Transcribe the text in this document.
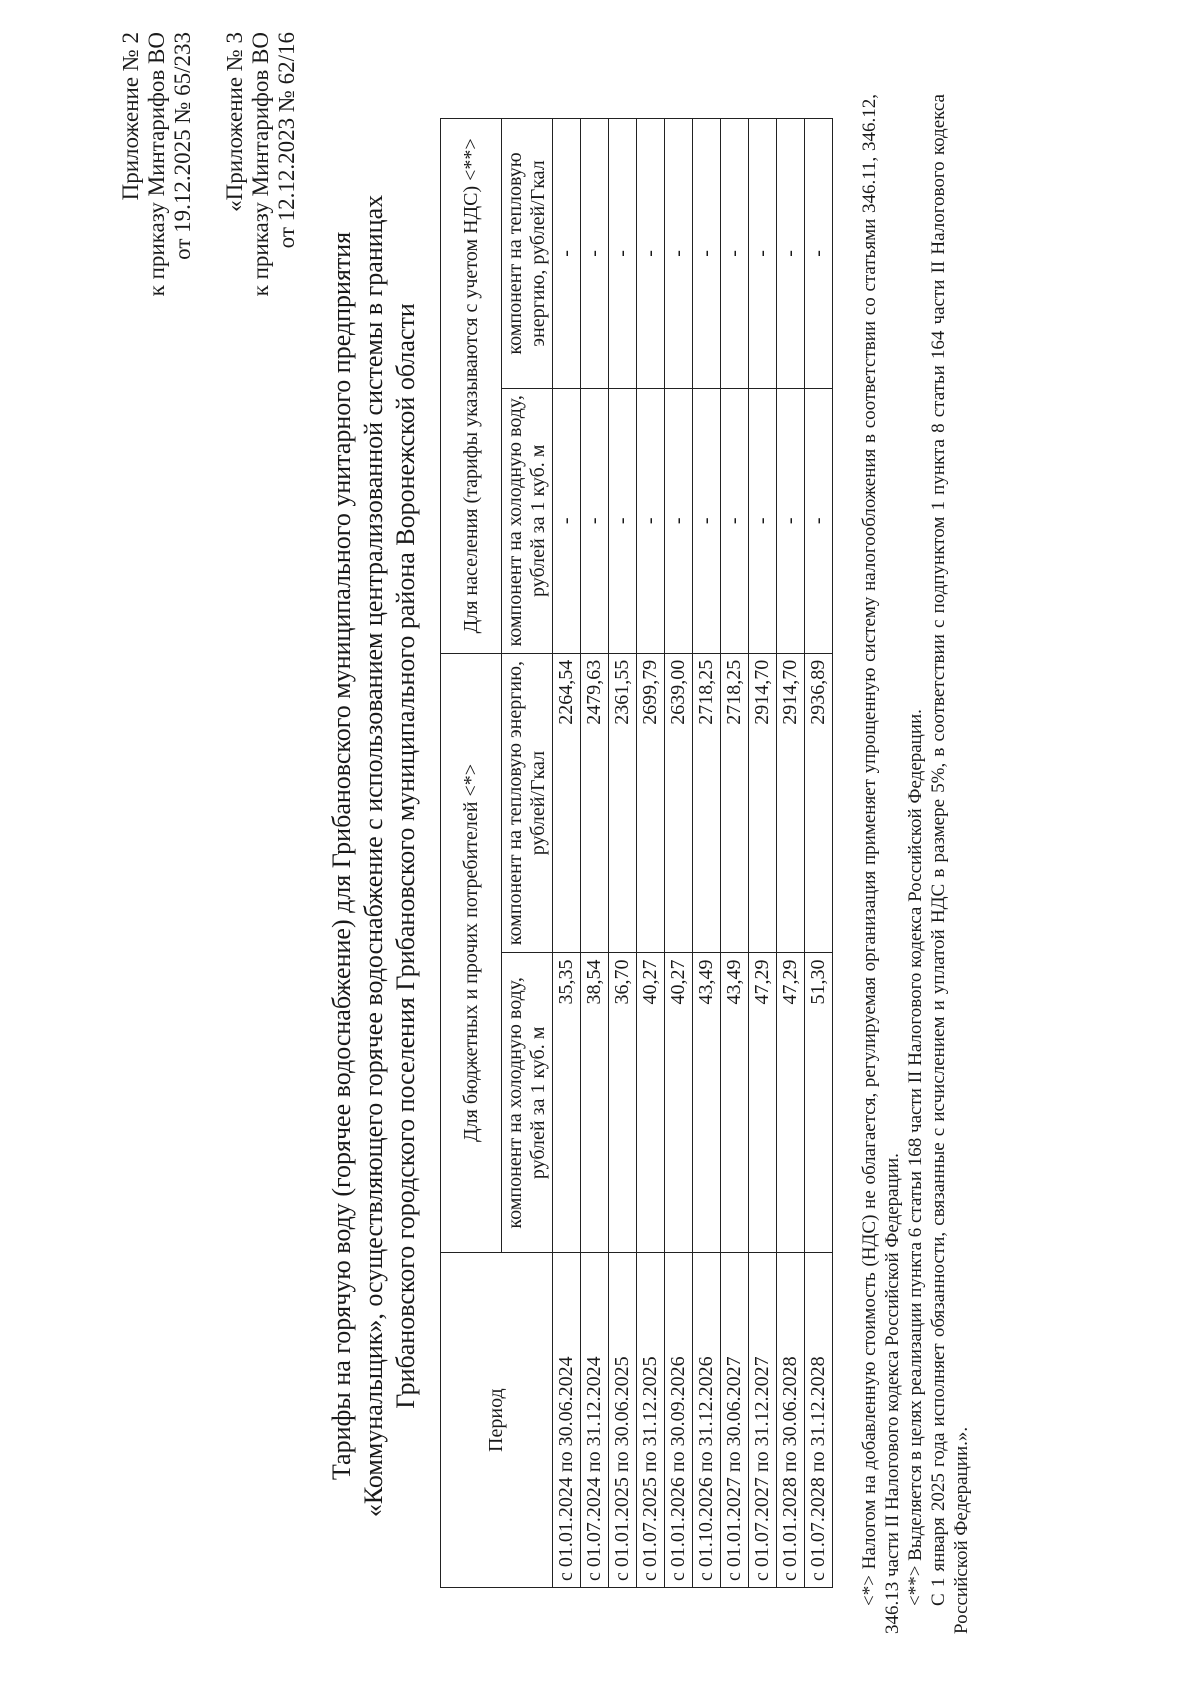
Приложение № 2 к приказу Минтарифов ВО от 19.12.2025 № 65/233 «Приложение № 3 к приказу Минтарифов ВО от 12.12.2023 № 62/16
Тарифы на горячую воду (горячее водоснабжение) для Грибановского муниципального унитарного предприятия «Коммунальщик», осуществляющего горячее водоснабжение с использованием централизованной системы в границах Грибановского городского поселения Грибановского муниципального района Воронежской области
Период	Для бюджетных и прочих потребителей <*>		Для населения (тарифы указываются с учетом НДС) <**>	
	компонент на холодную воду, рублей за 1 куб. м	компонент на тепловую энергию, рублей/Гкал	компонент на холодную воду, рублей за 1 куб. м	компонент на тепловую энергию, рублей/Гкал
с 01.01.2024 по 30.06.2024	35,35	2264,54	-	-
с 01.07.2024 по 31.12.2024	38,54	2479,63	-	-
с 01.01.2025 по 30.06.2025	36,70	2361,55	-	-
с 01.07.2025 по 31.12.2025	40,27	2699,79	-	-
с 01.01.2026 по 30.09.2026	40,27	2639,00	-	-
с 01.10.2026 по 31.12.2026	43,49	2718,25	-	-
с 01.01.2027 по 30.06.2027	43,49	2718,25	-	-
с 01.07.2027 по 31.12.2027	47,29	2914,70	-	-
с 01.01.2028 по 30.06.2028	47,29	2914,70	-	-
с 01.07.2028 по 31.12.2028	51,30	2936,89	-	- <*> Налогом на добавленную стоимость (НДС) не облагается, регулируемая организация применяет упрощенную систему налогообложения в соответствии со статьями 346.11, 346.12, 346.13 части II Налогового кодекса Российской Федерации. <**> Выделяется в целях реализации пункта 6 статьи 168 части II Налогового кодекса Российской Федерации. С 1 января 2025 года исполняет обязанности, связанные с исчислением и уплатой НДС в размере 5%, в соответствии с подпунктом 1 пункта 8 статьи 164 части II Налогового кодекса Российской Федерации.».
